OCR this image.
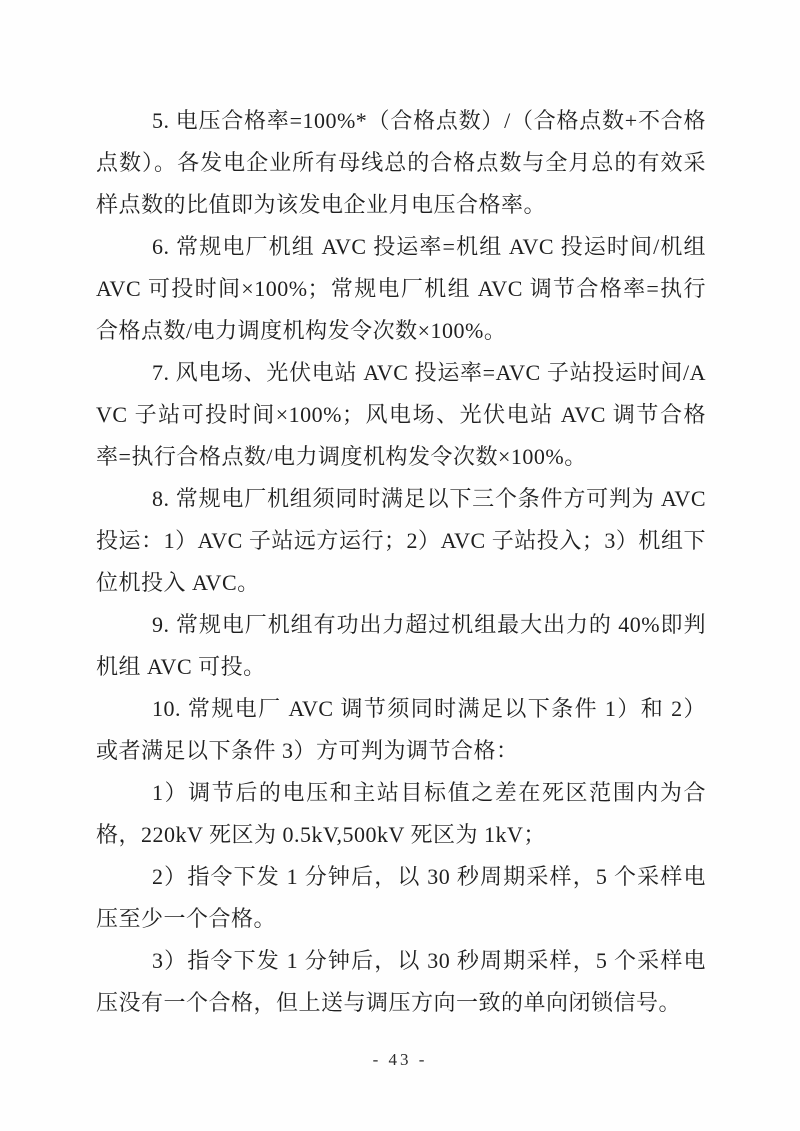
5. 电压合格率=100%*（合格点数）/（合格点数+不合格点数）。各发电企业所有母线总的合格点数与全月总的有效采样点数的比值即为该发电企业月电压合格率。

6. 常规电厂机组 AVC 投运率=机组 AVC 投运时间/机组 AVC 可投时间×100%；常规电厂机组 AVC 调节合格率=执行合格点数/电力调度机构发令次数×100%。

7. 风电场、光伏电站 AVC 投运率=AVC 子站投运时间/AVC 子站可投时间×100%；风电场、光伏电站 AVC 调节合格率=执行合格点数/电力调度机构发令次数×100%。

8. 常规电厂机组须同时满足以下三个条件方可判为 AVC 投运：1）AVC 子站远方运行；2）AVC 子站投入；3）机组下位机投入 AVC。

9. 常规电厂机组有功出力超过机组最大出力的 40%即判机组 AVC 可投。

10. 常规电厂 AVC 调节须同时满足以下条件 1）和 2）或者满足以下条件 3）方可判为调节合格：

1）调节后的电压和主站目标值之差在死区范围内为合格，220kV 死区为 0.5kV,500kV 死区为 1kV；

2）指令下发 1 分钟后，以 30 秒周期采样，5 个采样电压至少一个合格。

3）指令下发 1 分钟后，以 30 秒周期采样，5 个采样电压没有一个合格，但上送与调压方向一致的单向闭锁信号。

- 43 -
